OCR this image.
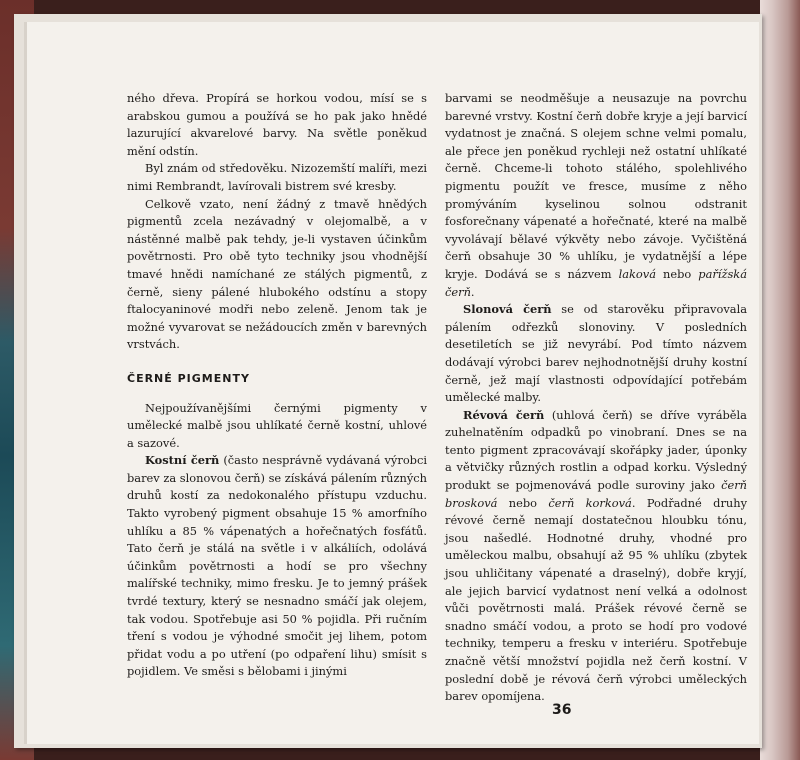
ného dřeva. Propírá se horkou vodou, mísí se s arabskou gumou a používá se ho pak jako hnědé lazurující akvarelové barvy. Na světle poněkud mění odstín.

Byl znám od středověku. Nizozemští malíři, mezi nimi Rembrandt, lavírovali bistrem své kresby.

Celkově vzato, není žádný z tmavě hnědých pigmentů zcela nezávadný v olejomalbě, a v nástěnné malbě pak tehdy, je-li vystaven účinkům povětrnosti. Pro obě tyto techniky jsou vhodnější tmavé hnědi namíchané ze stálých pigmentů, z černě, sieny pálené hlubokého odstínu a stopy ftalocyaninové modři nebo zeleně. Jenom tak je možné vyvarovat se nežádoucích změn v barevných vrstvách.

ČERNÉ PIGMENTY

Nejpoužívanějšími černými pigmenty v umělecké malbě jsou uhlíkaté černě kostní, uhlové a sazové.

Kostní čerň (často nesprávně vydávaná výrobci barev za slonovou čerň) se získává pálením různých druhů kostí za nedokonalého přístupu vzduchu. Takto vyrobený pigment obsahuje 15 % amorfního uhlíku a 85 % vápenatých a hořečnatých fosfátů. Tato čerň je stálá na světle i v alkáliích, odolává účinkům povětrnosti a hodí se pro všechny malířské techniky, mimo fresku. Je to jemný prášek tvrdé textury, který se nesnadno smáčí jak olejem, tak vodou. Spotřebuje asi 50 % pojidla. Při ručním tření s vodou je výhodné smočit jej lihem, potom přidat vodu a po utření (po odpaření lihu) smísit s pojidlem. Ve směsi s bělobami i jinými

barvami se neodměšuje a neusazuje na povrchu barevné vrstvy. Kostní čerň dobře kryje a její barvicí vydatnost je značná. S olejem schne velmi pomalu, ale přece jen poněkud rychleji než ostatní uhlíkaté černě. Chceme-li tohoto stálého, spolehlivého pigmentu použít ve fresce, musíme z něho promýváním kyselinou solnou odstranit fosforečnany vápenaté a hořečnaté, které na malbě vyvolávají bělavé výkvěty nebo závoje. Vyčištěná čerň obsahuje 30 % uhlíku, je vydatnější a lépe kryje. Dodává se s názvem laková nebo pařížská čerň.

Slonová čerň se od starověku připravovala pálením odřezků slonoviny. V posledních desetiletích se již nevyrábí. Pod tímto názvem dodávají výrobci barev nejhodnotnější druhy kostní černě, jež mají vlastnosti odpovídající potřebám umělecké malby.

Révová čerň (uhlová čerň) se dříve vyráběla zuhelnatěním odpadků po vinobraní. Dnes se na tento pigment zpracovávají skořápky jader, úponky a větvičky různých rostlin a odpad korku. Výsledný produkt se pojmenovává podle suroviny jako čerň brosková nebo čerň korková. Podřadné druhy révové černě nemají dostatečnou hloubku tónu, jsou našedlé. Hodnotné druhy, vhodné pro uměleckou malbu, obsahují až 95 % uhlíku (zbytek jsou uhličitany vápenaté a draselný), dobře kryjí, ale jejich barvicí vydatnost není velká a odolnost vůči povětrnosti malá. Prášek révové černě se snadno smáčí vodou, a proto se hodí pro vodové techniky, temperu a fresku v interiéru. Spotřebuje značně větší množství pojidla než čerň kostní. V poslední době je révová čerň výrobci uměleckých barev opomíjena.

36
